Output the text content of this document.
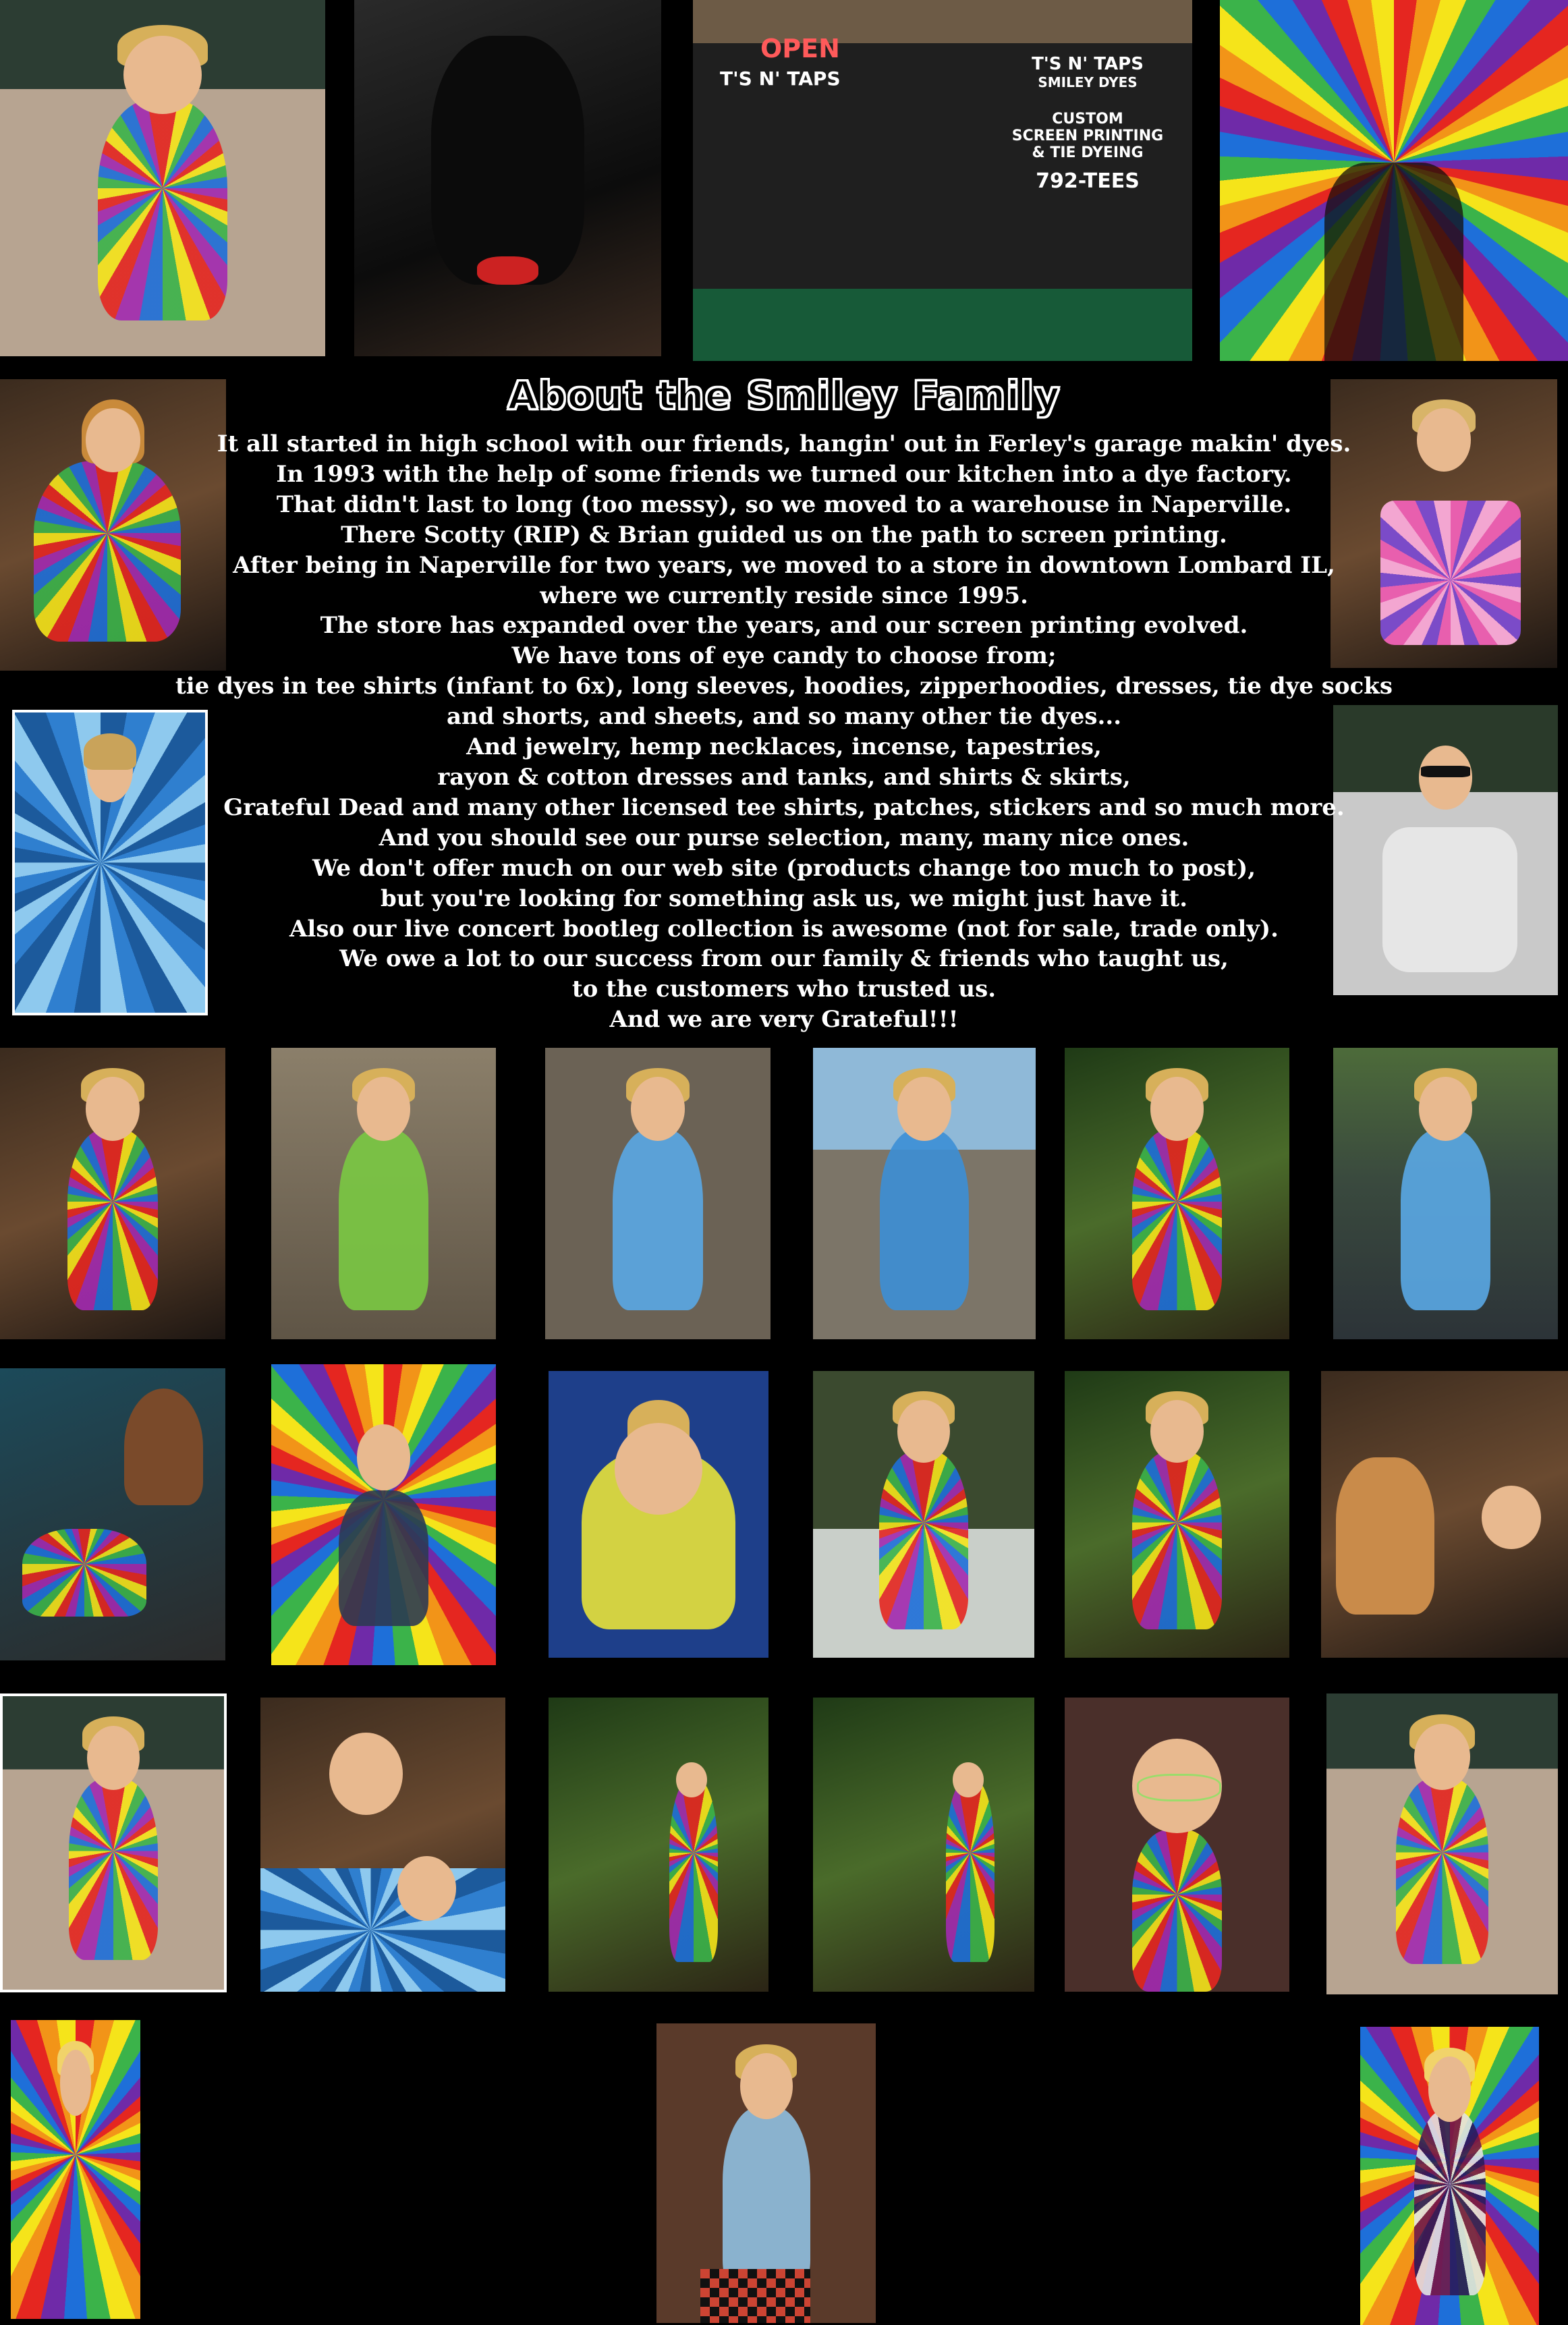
OPEN
T'S N' TAPS
T'S N' TAPS
SMILEY DYES
CUSTOM
SCREEN PRINTING
& TIE DYEING
792-TEES
About the Smiley Family
It all started in high school with our friends, hangin' out in Ferley's garage makin' dyes.
In 1993 with the help of some friends we turned our kitchen into a dye factory.
That didn't last to long (too messy), so we moved to a warehouse in Naperville.
There Scotty (RIP) & Brian guided us on the path to screen printing.
After being in Naperville for two years, we moved to a store in downtown Lombard IL,
where we currently reside since 1995.
The store has expanded over the years, and our screen printing evolved.
We have tons of eye candy to choose from;
tie dyes in tee shirts (infant to 6x), long sleeves, hoodies, zipperhoodies, dresses, tie dye socks
and shorts, and sheets, and so many other tie dyes...
And jewelry, hemp necklaces, incense, tapestries,
rayon & cotton dresses and tanks, and shirts & skirts,
Grateful Dead and many other licensed tee shirts, patches, stickers and so much more.
And you should see our purse selection, many, many nice ones.
We don't offer much on our web site (products change too much to post),
but you're looking for something ask us, we might just have it.
Also our live concert bootleg collection is awesome (not for sale, trade only).
We owe a lot to our success from our family & friends who taught us,
to the customers who trusted us.
And we are very Grateful!!!
